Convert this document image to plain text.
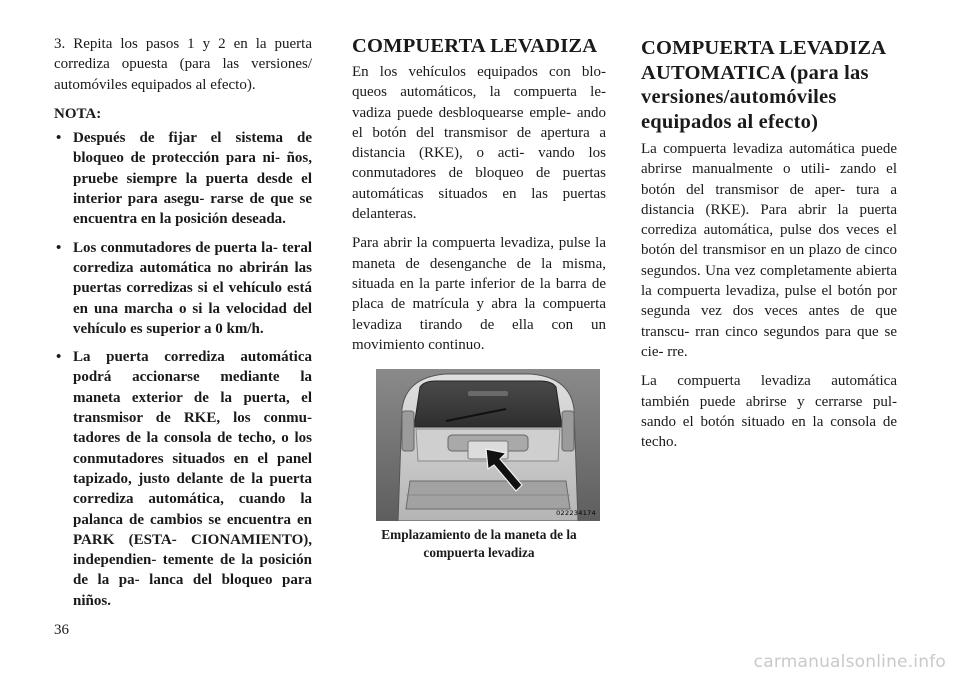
3. Repita los pasos 1 y 2 en la puerta corrediza opuesta (para las versiones/ automóviles equipados al efecto).

NOTA:
• Después de fijar el sistema de bloqueo de protección para ni- ños, pruebe siempre la puerta desde el interior para asegu- rarse de que se encuentra en la posición deseada.
• Los conmutadores de puerta la- teral corrediza automática no abrirán las puertas corredizas si el vehículo está en una marcha o si la velocidad del vehículo es superior a 0 km/h.
• La puerta corrediza automática podrá accionarse mediante la maneta exterior de la puerta, el transmisor de RKE, los conmu- tadores de la consola de techo, o los conmutadores situados en el panel tapizado, justo delante de la puerta corrediza automática, cuando la palanca de cambios se encuentra en PARK (ESTA- CIONAMIENTO), independien- temente de la posición de la pa- lanca del bloqueo para niños.
COMPUERTA LEVADIZA

En los vehículos equipados con blo- queos automáticos, la compuerta le- vadiza puede desbloquearse emple- ando el botón del transmisor de apertura a distancia (RKE), o acti- vando los conmutadores de bloqueo de puertas automáticas situados en las puertas delanteras.

Para abrir la compuerta levadiza, pulse la maneta de desenganche de la misma, situada en la parte inferior de la barra de placa de matrícula y abra la compuerta levadiza tirando de ella con un movimiento continuo.

022234174
Emplazamiento de la maneta de la compuerta levadiza
COMPUERTA LEVADIZA AUTOMATICA (para las versiones/automóviles equipados al efecto)

La compuerta levadiza automática puede abrirse manualmente o utili- zando el botón del transmisor de aper- tura a distancia (RKE). Para abrir la puerta corrediza automática, pulse dos veces el botón del transmisor en un plazo de cinco segundos. Una vez completamente abierta la compuerta levadiza, pulse el botón por segunda vez dos veces antes de que transcu- rran cinco segundos para que se cie- rre.

La compuerta levadiza automática también puede abrirse y cerrarse pul- sando el botón situado en la consola de techo.

36
carmanualsonline.info
